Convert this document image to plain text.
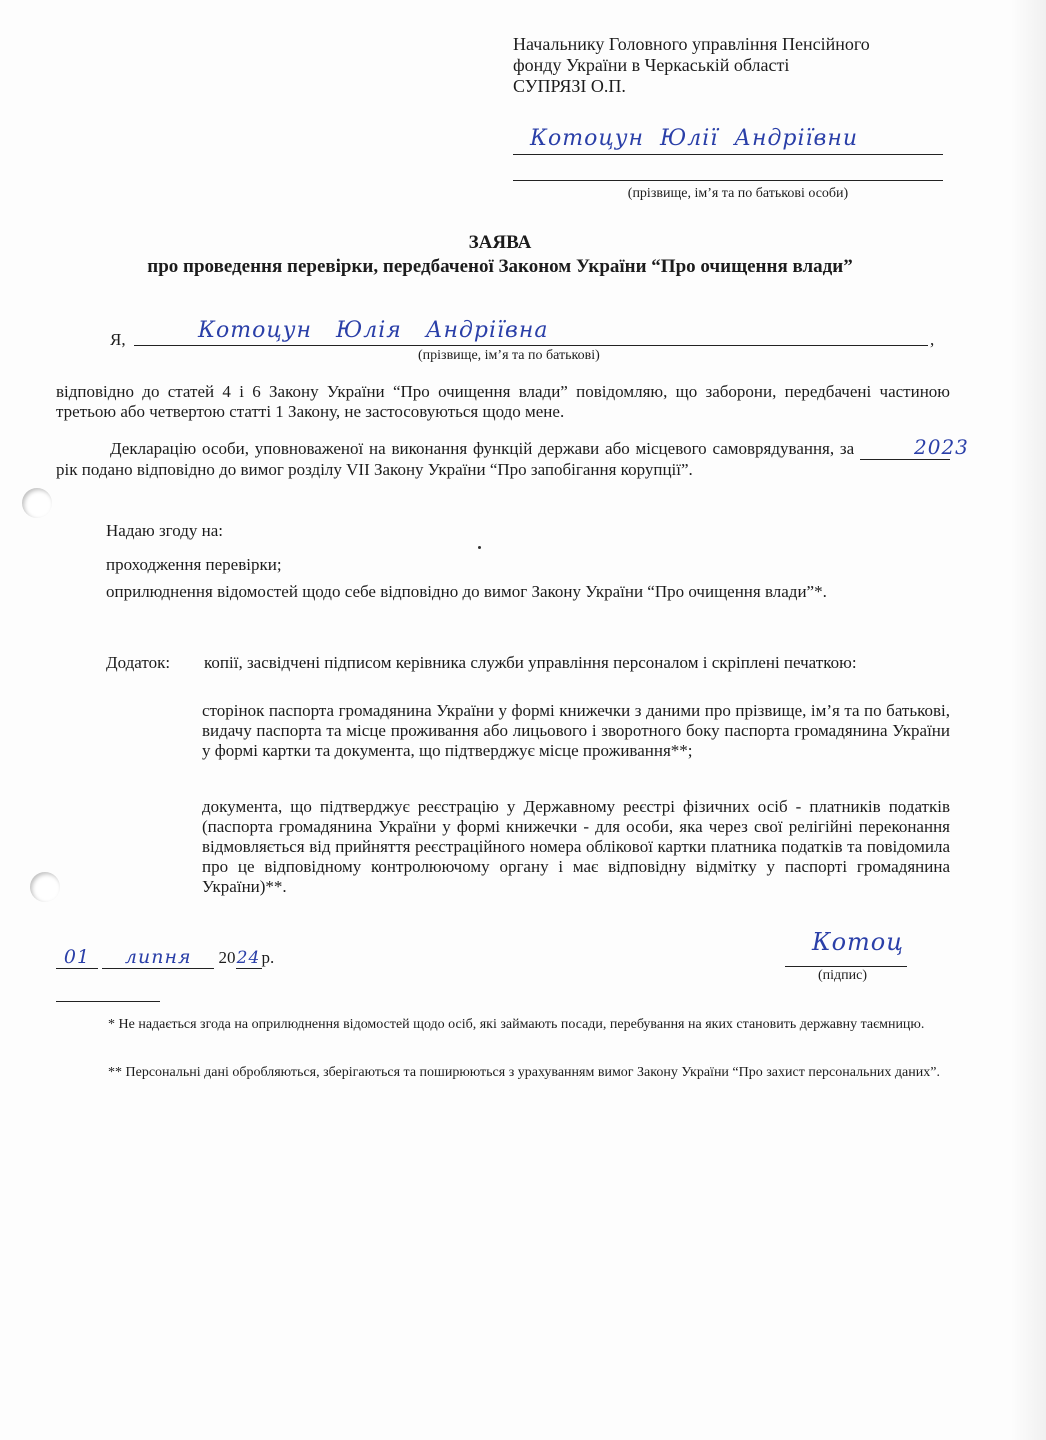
Начальнику Головного управління Пенсійного
фонду України в Черкаській області
СУПРЯЗІ О.П.
Котоцун  Юлії  Андріївни
(прізвище, ім’я та по батькові особи)
ЗАЯВА
про проведення перевірки, передбаченої Законом України “Про очищення влади”
Я,	Котоцун   Юлія   Андріївна	,
(прізвище, ім’я та по батькові)
відповідно до статей 4 і 6 Закону України “Про очищення влади” повідомляю, що заборони, передбачені частиною третьою або четвертою статті 1 Закону, не застосовуються щодо мене.
Декларацію особи, уповноваженої на виконання функцій держави або місцевого самоврядування, за	2023 рік подано відповідно до вимог розділу VII Закону України “Про запобігання корупції”.
Надаю згоду на:
проходження перевірки;
оприлюднення відомостей щодо себе відповідно до вимог Закону України “Про очищення влади”*.
Додаток: копії, засвідчені підписом керівника служби управління персоналом і скріплені печаткою:
сторінок паспорта громадянина України у формі книжечки з даними про прізвище, ім’я та по батькові, видачу паспорта та місце проживання або лицьового і зворотного боку паспорта громадянина України у формі картки та документа, що підтверджує місце проживання**;
документа, що підтверджує реєстрацію у Державному реєстрі фізичних осіб - платників податків (паспорта громадянина України у формі книжечки - для особи, яка через свої релігійні переконання відмовляється від прийняття реєстраційного номера облікової картки платника податків та повідомила про це відповідному контролюючому органу і має відповідну відмітку у паспорті громадянина України)**.
01 липня 2024р.
Котоц
(підпис)
* Не надається згода на оприлюднення відомостей щодо осіб, які займають посади, перебування на яких становить державну таємницю.
** Персональні дані обробляються, зберігаються та поширюються з урахуванням вимог Закону України “Про захист персональних даних”.
